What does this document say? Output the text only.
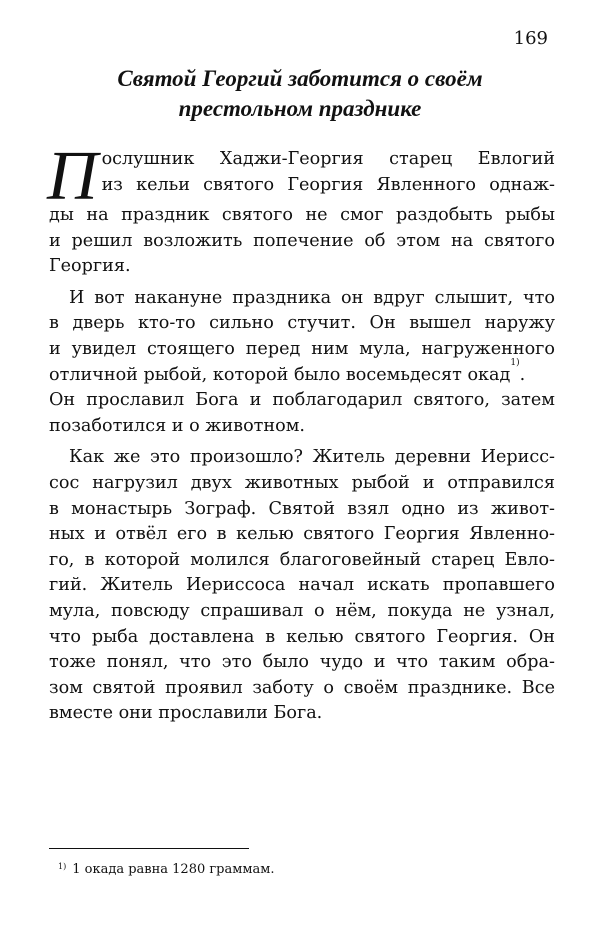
169
Святой Георгий заботится о своём
престольном празднике
П ослушник Хаджи-Георгия старец Евлогий
из кельи святого Георгия Явленного однаж-
ды на праздник святого не смог раздобыть рыбы
и решил возложить попечение об этом на святого
Георгия.
И вот накануне праздника он вдруг слышит, что
в дверь кто-то сильно стучит. Он вышел наружу
и увидел стоящего перед ним мула, нагруженного
отличной рыбой, которой было восемьдесят окад$^{1)}$.
Он прославил Бога и поблагодарил святого, затем
позаботился и о животном.
Как же это произошло? Житель деревни Иерисс-
сос нагрузил двух животных рыбой и отправился
в монастырь Зограф. Святой взял одно из живот-
ных и отвёл его в келью святого Георгия Явленно-
го, в которой молился благоговейный старец Евло-
гий. Житель Иериссоса начал искать пропавшего
мула, повсюду спрашивал о нём, покуда не узнал,
что рыба доставлена в келью святого Георгия. Он
тоже понял, что это было чудо и что таким обра-
зом святой проявил заботу о своём празднике. Все
вместе они прославили Бога.
$^{1)}$ 1 окада равна 1280 граммам.
